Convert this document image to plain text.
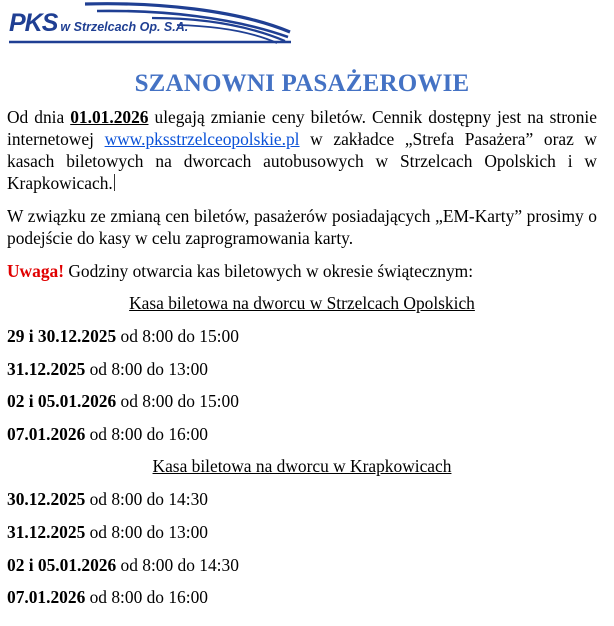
PKS w Strzelcach Op. S.A.
SZANOWNI PASAŻEROWIE

Od dnia 01.01.2026 ulegają zmianie ceny biletów. Cennik dostępny jest na stronie internetowej www.pksstrzelceopolskie.pl w zakładce „Strefa Pasażera” oraz w kasach biletowych na dworcach autobusowych w Strzelcach Opolskich i w Krapkowicach.

W związku ze zmianą cen biletów, pasażerów posiadających „EM-Karty” prosimy o podejście do kasy w celu zaprogramowania karty.

Uwaga! Godziny otwarcia kas biletowych w okresie świątecznym:

Kasa biletowa na dworcu w Strzelcach Opolskich

29 i 30.12.2025 od 8:00 do 15:00

31.12.2025 od 8:00 do 13:00

02 i 05.01.2026 od 8:00 do 15:00

07.01.2026 od 8:00 do 16:00

Kasa biletowa na dworcu w Krapkowicach

30.12.2025 od 8:00 do 14:30

31.12.2025 od 8:00 do 13:00

02 i 05.01.2026 od 8:00 do 14:30

07.01.2026 od 8:00 do 16:00
